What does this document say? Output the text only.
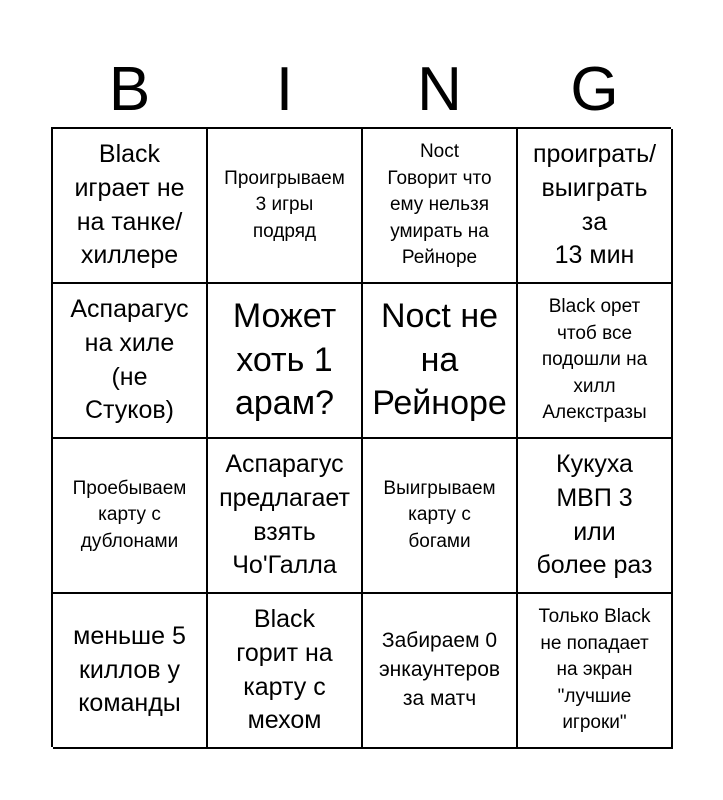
B	I	N	G
Black
играет не
на танке/
хиллере
Проигрываем
3 игры
подряд
Noct
Говорит что
ему нельзя
умирать на
Рейноре
проиграть/
выиграть
за
13 мин
Аспарагус
на хиле
(не
Стуков)
Может
хоть 1
арам?
Noct не
на
Рейноре
Black орет
чтоб все
подошли на
хилл
Алекстразы
Проебываем
карту с
дублонами
Аспарагус
предлагает
взять
Чо'Галла
Выигрываем
карту с
богами
Кукуха
МВП 3
или
более раз
меньше 5
киллов у
команды
Black
горит на
карту с
мехом
Забираем 0
энкаунтеров
за матч
Только Black
не попадает
на экран
"лучшие
игроки"
